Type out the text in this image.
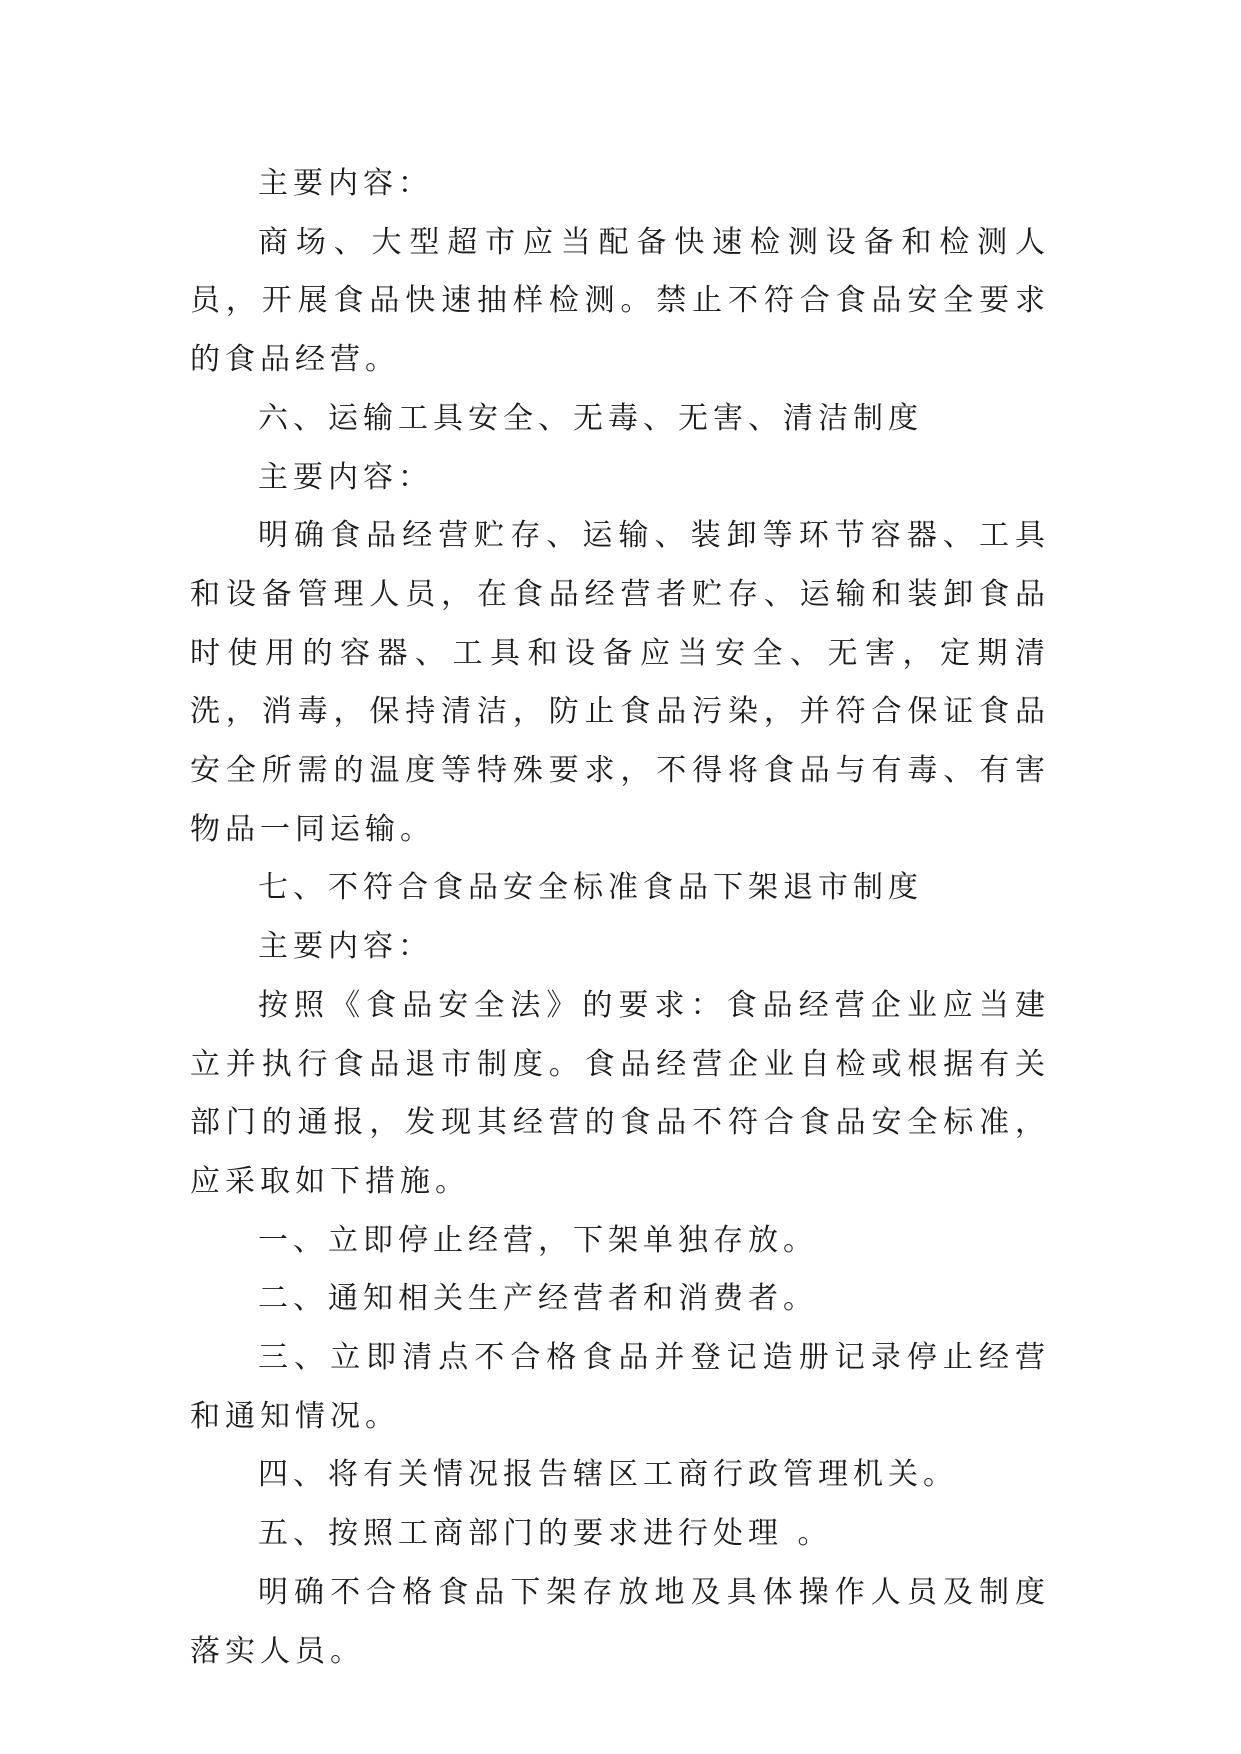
主要内容：

商场、大型超市应当配备快速检测设备和检测人员，开展食品快速抽样检测。禁止不符合食品安全要求的食品经营。

六、运输工具安全、无毒、无害、清洁制度

主要内容：

明确食品经营贮存、运输、装卸等环节容器、工具和设备管理人员，在食品经营者贮存、运输和装卸食品时使用的容器、工具和设备应当安全、无害，定期清洗，消毒，保持清洁，防止食品污染，并符合保证食品安全所需的温度等特殊要求，不得将食品与有毒、有害物品一同运输。

七、不符合食品安全标准食品下架退市制度

主要内容：

按照《食品安全法》的要求：食品经营企业应当建立并执行食品退市制度。食品经营企业自检或根据有关部门的通报，发现其经营的食品不符合食品安全标准，应采取如下措施。

一、立即停止经营，下架单独存放。

二、通知相关生产经营者和消费者。

三、立即清点不合格食品并登记造册记录停止经营和通知情况。

四、将有关情况报告辖区工商行政管理机关。

五、按照工商部门的要求进行处理 。

明确不合格食品下架存放地及具体操作人员及制度落实人员。
